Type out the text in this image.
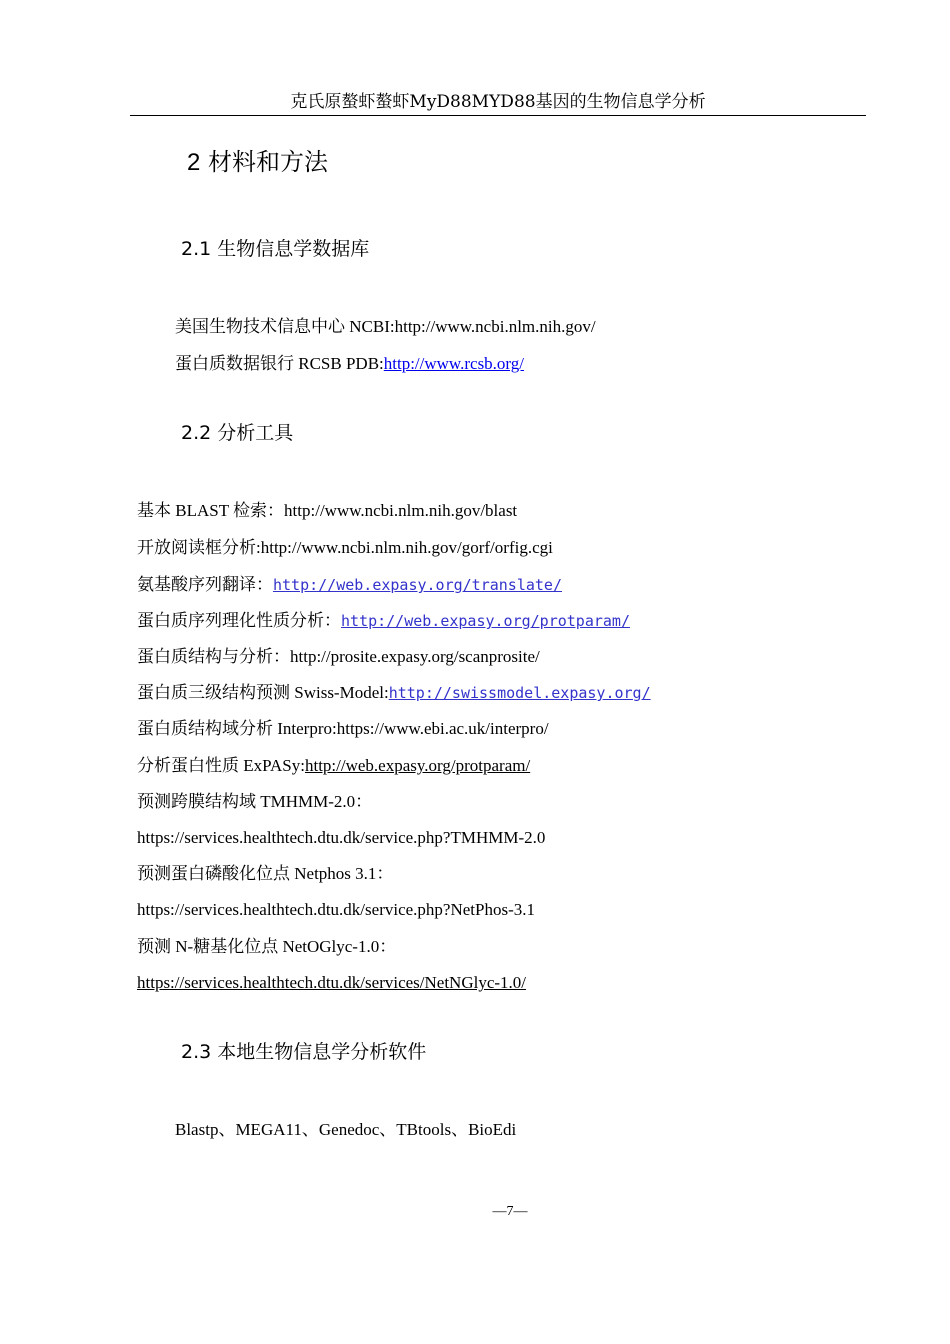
克氏原螯虾螯虾MyD88MYD88基因的生物信息学分析
2 材料和方法
2.1 生物信息学数据库
美国生物技术信息中心 NCBI:http://www.ncbi.nlm.nih.gov/
蛋白质数据银行 RCSB PDB:http://www.rcsb.org/
2.2 分析工具
基本 BLAST 检索：http://www.ncbi.nlm.nih.gov/blast
开放阅读框分析:http://www.ncbi.nlm.nih.gov/gorf/orfig.cgi
氨基酸序列翻译：http://web.expasy.org/translate/
蛋白质序列理化性质分析：http://web.expasy.org/protparam/
蛋白质结构与分析：http://prosite.expasy.org/scanprosite/
蛋白质三级结构预测 Swiss-Model:http://swissmodel.expasy.org/
蛋白质结构域分析 Interpro:https://www.ebi.ac.uk/interpro/
分析蛋白性质 ExPASy:http://web.expasy.org/protparam/
预测跨膜结构域 TMHMM-2.0：
https://services.healthtech.dtu.dk/service.php?TMHMM-2.0
预测蛋白磷酸化位点 Netphos 3.1：
https://services.healthtech.dtu.dk/service.php?NetPhos-3.1
预测 N-糖基化位点 NetOGlyc-1.0：
https://services.healthtech.dtu.dk/services/NetNGlyc-1.0/
2.3 本地生物信息学分析软件
Blastp、MEGA11、Genedoc、TBtools、BioEdi
—7—
